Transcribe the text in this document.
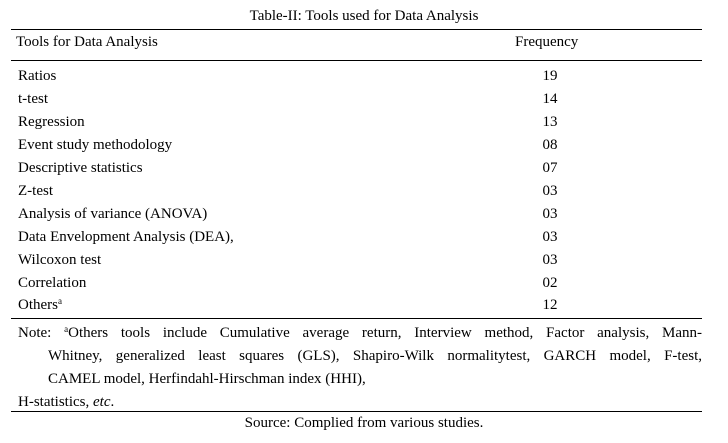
Table-II: Tools used for Data Analysis
Tools for Data Analysis	Frequency
Ratios	19
t-test	14
Regression	13
Event study methodology	08
Descriptive statistics	07
Z-test	03
Analysis of variance (ANOVA)	03
Data Envelopment Analysis (DEA),	03
Wilcoxon test	03
Correlation	02
Others$^a$	12
Note: $^a$Others tools include Cumulative average return, Interview method, Factor analysis, Mann-
Whitney, generalized least squares (GLS), Shapiro-Wilk normalitytest, GARCH model, F-test,
CAMEL model, Herfindahl-Hirschman index (HHI),
H-statistics, etc.
Source: Complied from various studies.
